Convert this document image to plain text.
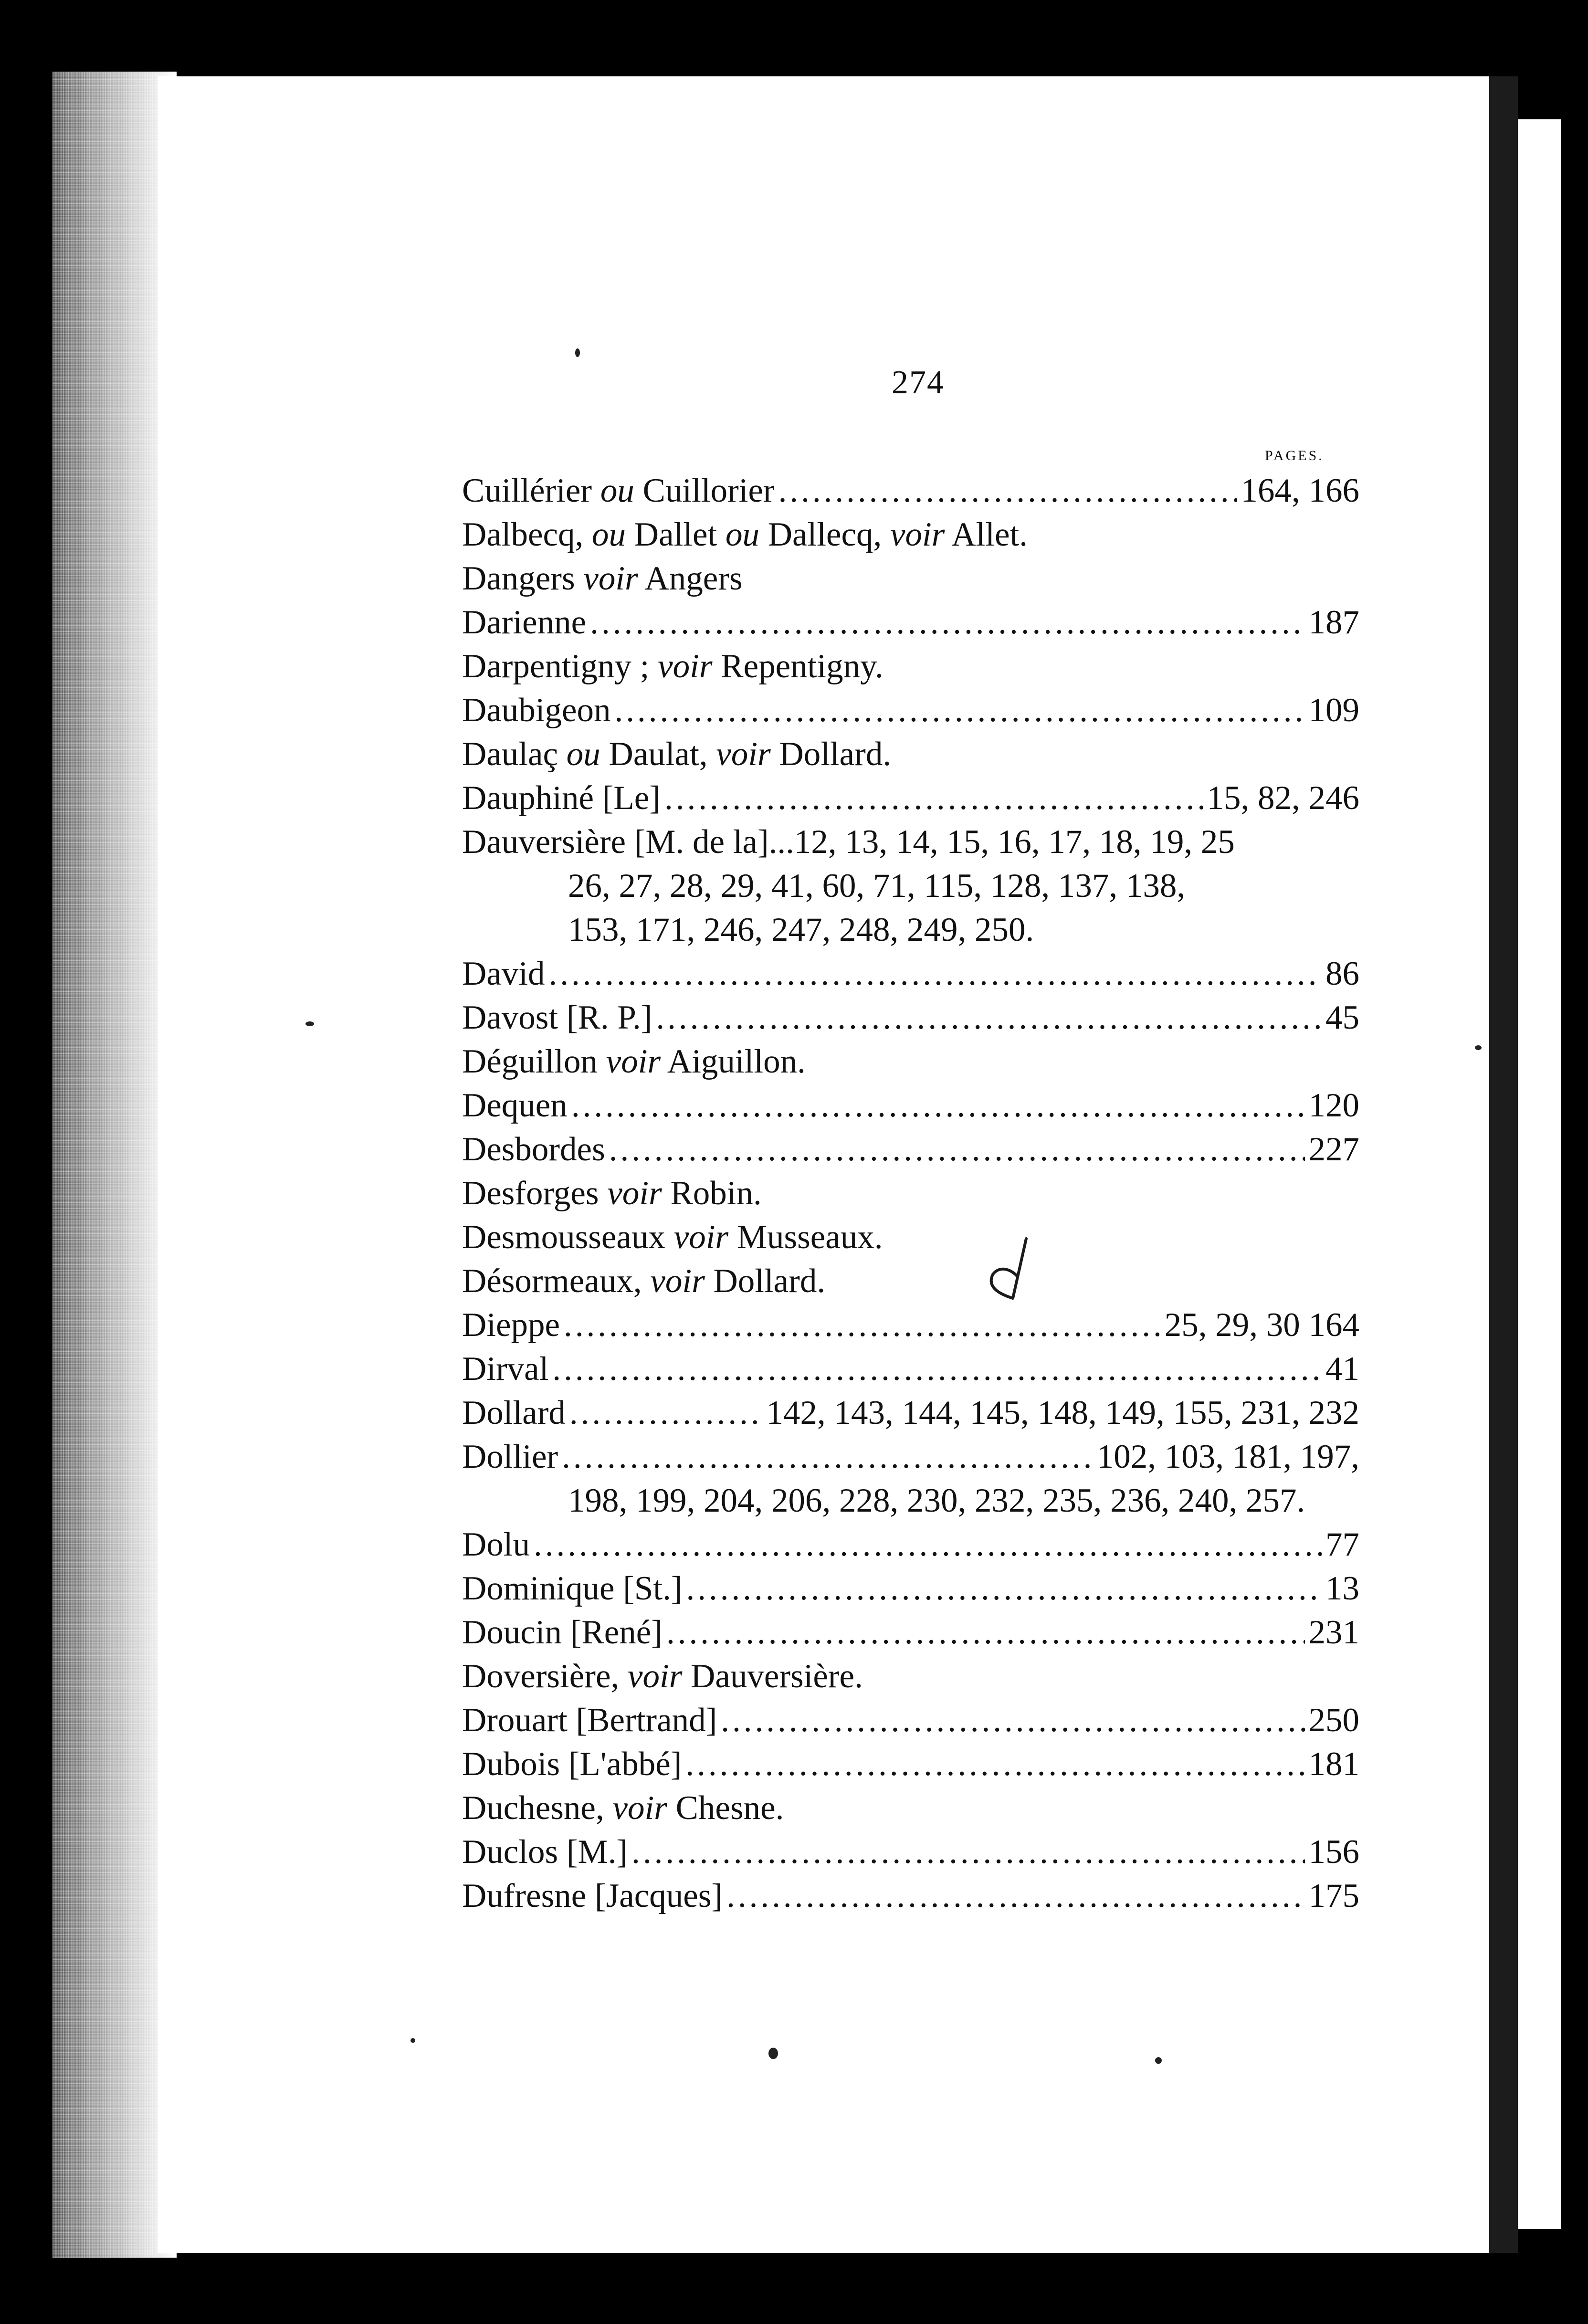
274
PAGES.
Cuillérier ou Cuillorier .....	164, 166
Dalbecq, ou Dallet ou Dallecq, voir Allet.
Dangers voir Angers
Darienne .....	187
Darpentigny ; voir Repentigny.
Daubigeon .....	109
Daulaç ou Daulat, voir Dollard.
Dauphiné [Le] .....	15, 82, 246
Dauversière [M. de la] ...12, 13, 14, 15, 16, 17, 18, 19, 25
26, 27, 28, 29, 41, 60, 71, 115, 128, 137, 138,
153, 171, 246, 247, 248, 249, 250.
David .....	86
Davost [R. P.] .....	45
Déguillon voir Aiguillon.
Dequen .....	120
Desbordes .....	227
Desforges voir Robin.
Desmousseaux voir Musseaux.
Désormeaux, voir Dollard.
Dieppe .....	25, 29, 30 164
Dirval .....	41
Dollard .....	142, 143, 144, 145, 148, 149, 155, 231, 232
Dollier .....	102, 103, 181, 197,
198, 199, 204, 206, 228, 230, 232, 235, 236, 240, 257.
Dolu .....	77
Dominique [St.] .....	13
Doucin [René] .....	231
Doversière, voir Dauversière.
Drouart [Bertrand] .....	250
Dubois [L'abbé] .....	181
Duchesne, voir Chesne.
Duclos [M.] .....	156
Dufresne [Jacques] .....	175
